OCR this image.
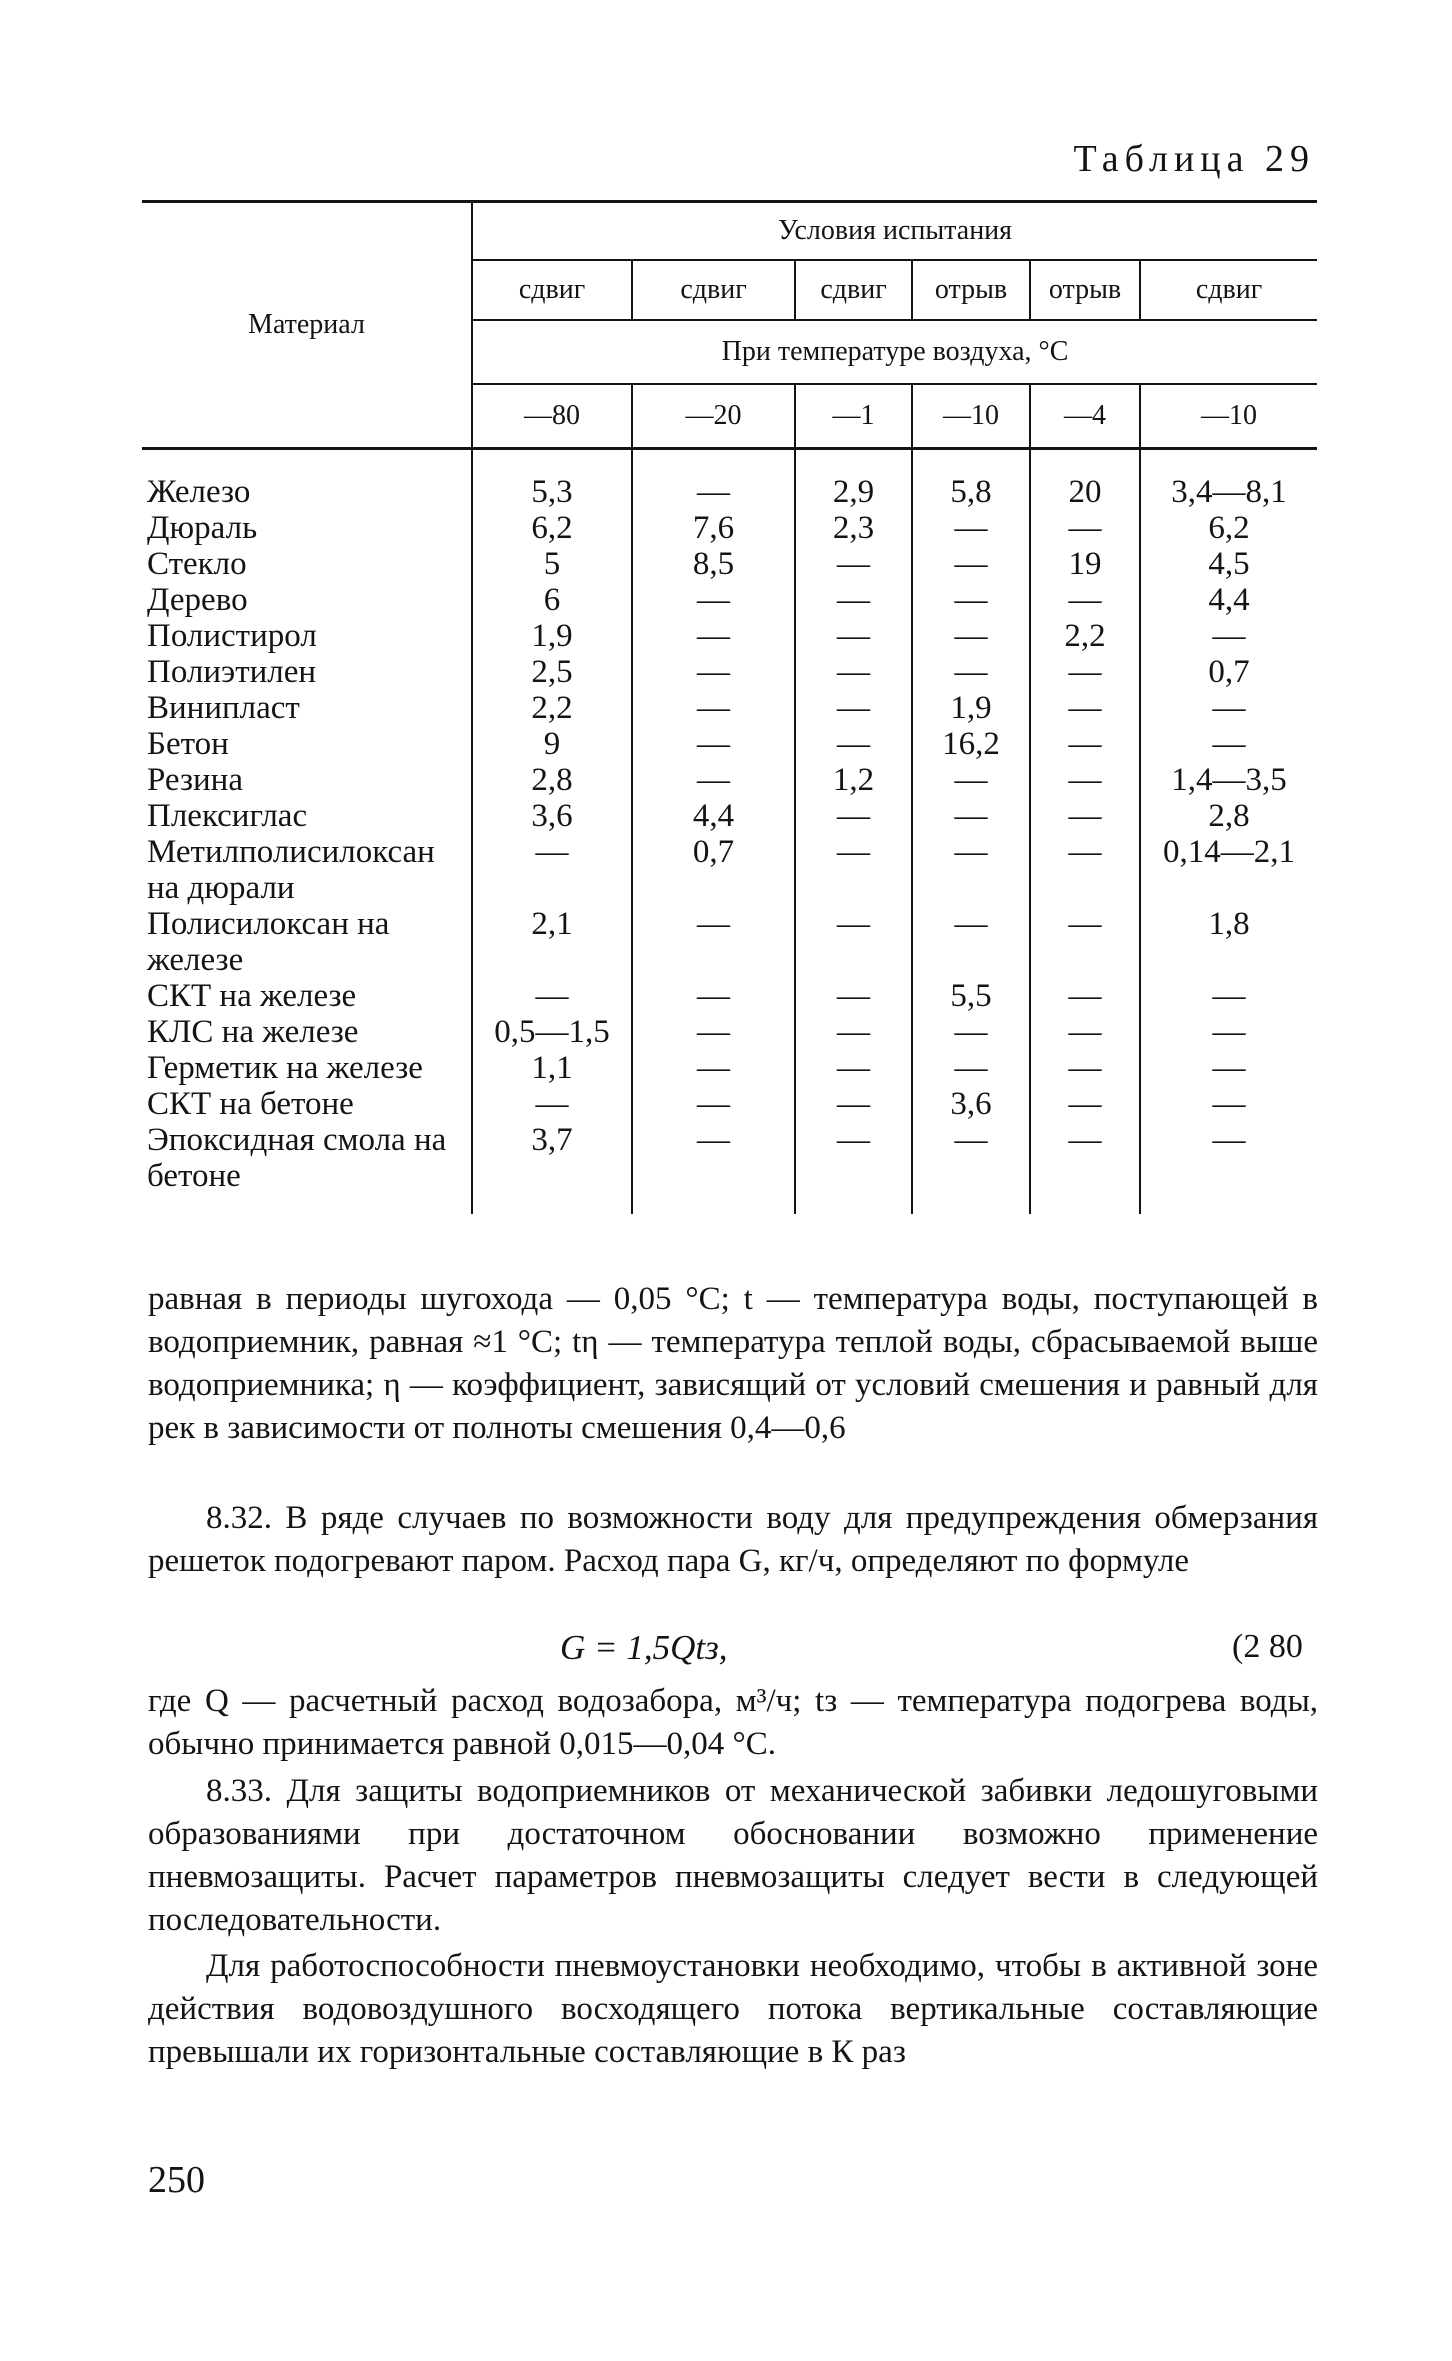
Таблица 29
Материал	Условия испытания					
	сдвиг	сдвиг	сдвиг	отрыв	отрыв	сдвиг
	При температуре воздуха, °С					
	—80	—20	—1	—10	—4	—10
Железо	5,3	—	2,9	5,8	20	3,4—8,1
Дюраль	6,2	7,6	2,3	—	—	6,2
Стекло	5	8,5	—	—	19	4,5
Дерево	6	—	—	—	—	4,4
Полистирол	1,9	—	—	—	2,2	—
Полиэтилен	2,5	—	—	—	—	0,7
Винипласт	2,2	—	—	1,9	—	—
Бетон	9	—	—	16,2	—	—
Резина	2,8	—	1,2	—	—	1,4—3,5
Плексиглас	3,6	4,4	—	—	—	2,8
Метилполисилоксан на дюрали	—	0,7	—	—	—	0,14—2,1
Полисилоксан на железе	2,1	—	—	—	—	1,8
СКТ на железе	—	—	—	5,5	—	—
КЛС на железе	0,5—1,5	—	—	—	—	—
Герметик на железе	1,1	—	—	—	—	—
СКТ на бетоне	—	—	—	3,6	—	—
Эпоксидная смола на бетоне	3,7	—	—	—	—	—

равная в периоды шугохода — 0,05 °С; t — температура воды, поступающей в водоприемник, равная ≈1 °С; tη — температура теплой воды, сбрасываемой выше водоприемника; η — коэффициент, зависящий от условий смешения и равный для рек в зависимости от полноты смешения 0,4—0,6

8.32. В ряде случаев по возможности воду для предупреждения обмерзания решеток подогревают паром. Расход пара G, кг/ч, определяют по формуле

G = 1,5Qtз,	(2 80

где Q — расчетный расход водозабора, м³/ч; tз — температура подогрева воды, обычно принимается равной 0,015—0,04 °С.

8.33. Для защиты водоприемников от механической забивки ледошуговыми образованиями при достаточном обосновании возможно применение пневмозащиты. Расчет параметров пневмозащиты следует вести в следующей последовательности.

Для работоспособности пневмоустановки необходимо, чтобы в активной зоне действия водовоздушного восходящего потока вертикальные составляющие превышали их горизонтальные составляющие в К раз

250
